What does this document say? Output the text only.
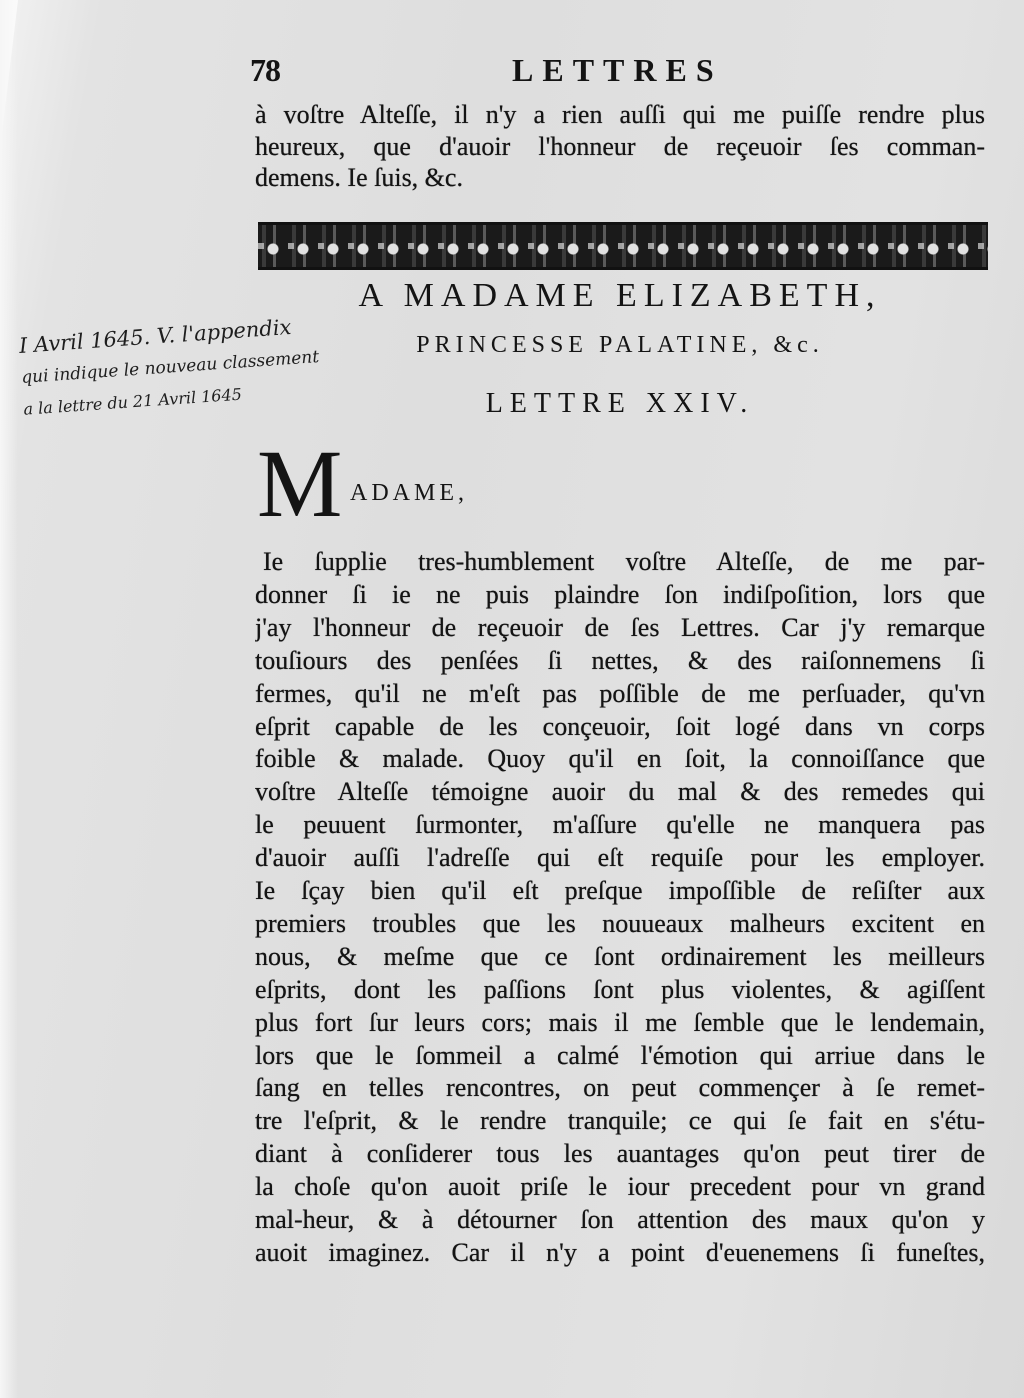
78	LETTRES
à voſtre Alteſſe, il n'y a rien auſſi qui me puiſſe rendre plus
heureux, que d'auoir l'honneur de reçeuoir ſes comman-
demens. Ie ſuis, &c.
A MADAME ELIZABETH,
PRINCESSE PALATINE, &c.
LETTRE XXIV.
I Avril 1645. V. l'appendix
qui indique le nouveau classement
a la lettre du 21 Avril 1645
M ADAME,
Ie ſupplie tres-humblement voſtre Alteſſe, de me par-
donner ſi ie ne puis plaindre ſon indiſpoſition, lors que
j'ay l'honneur de reçeuoir de ſes Lettres. Car j'y remarque
touſiours des penſées ſi nettes, & des raiſonnemens ſi
fermes, qu'il ne m'eſt pas poſſible de me perſuader, qu'vn
eſprit capable de les conçeuoir, ſoit logé dans vn corps
foible & malade. Quoy qu'il en ſoit, la connoiſſance que
voſtre Alteſſe témoigne auoir du mal & des remedes qui
le peuuent ſurmonter, m'aſſure qu'elle ne manquera pas
d'auoir auſſi l'adreſſe qui eſt requiſe pour les employer.
Ie ſçay bien qu'il eſt preſque impoſſible de reſiſter aux
premiers troubles que les nouueaux malheurs excitent en
nous, & meſme que ce ſont ordinairement les meilleurs
eſprits, dont les paſſions ſont plus violentes, & agiſſent
plus fort ſur leurs cors; mais il me ſemble que le lendemain,
lors que le ſommeil a calmé l'émotion qui arriue dans le
ſang en telles rencontres, on peut commençer à ſe remet-
tre l'eſprit, & le rendre tranquile; ce qui ſe fait en s'étu-
diant à conſiderer tous les auantages qu'on peut tirer de
la choſe qu'on auoit priſe le iour precedent pour vn grand
mal-heur, & à détourner ſon attention des maux qu'on y
auoit imaginez. Car il n'y a point d'euenemens ſi funeſtes,
